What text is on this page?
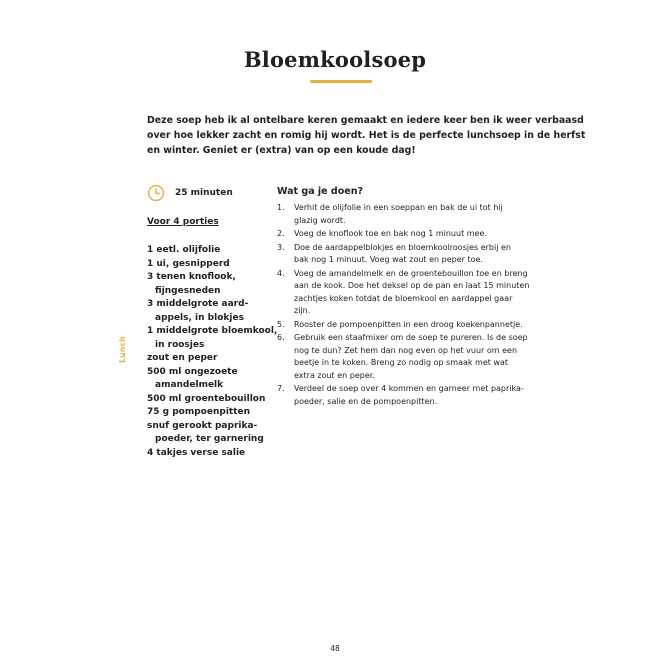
Bloemkoolsoep

Deze soep heb ik al ontelbare keren gemaakt en iedere keer ben ik weer verbaasd
over hoe lekker zacht en romig hij wordt. Het is de perfecte lunchsoep in de herfst
en winter. Geniet er (extra) van op een koude dag!

Lunch
25 minuten
Voor 4 porties
1 eetl. olijfolie
1 ui, gesnipperd
3 tenen knoflook,
fijngesneden
3 middelgrote aard-
appels, in blokjes
1 middelgrote bloemkool,
in roosjes
zout en peper
500 ml ongezoete
amandelmelk
500 ml groentebouillon
75 g pompoenpitten
snuf gerookt paprika-
poeder, ter garnering
4 takjes verse salie
Wat ga je doen?
1. Verhit de olijfolie in een soeppan en bak de ui tot hij
glazig wordt.
2. Voeg de knoflook toe en bak nog 1 minuut mee.
3. Doe de aardappelblokjes en bloemkoolroosjes erbij en
bak nog 1 minuut. Voeg wat zout en peper toe.
4. Voeg de amandelmelk en de groentebouillon toe en breng
aan de kook. Doe het deksel op de pan en laat 15 minuten
zachtjes koken totdat de bloemkool en aardappel gaar
zijn.
5. Rooster de pompoenpitten in een droog koekenpannetje.
6. Gebruik een staafmixer om de soep te pureren. Is de soep
nog te dun? Zet hem dan nog even op het vuur om een
beetje in te koken. Breng zo nodig op smaak met wat
extra zout en peper.
7. Verdeel de soep over 4 kommen en garneer met paprika-
poeder, salie en de pompoenpitten.
48
